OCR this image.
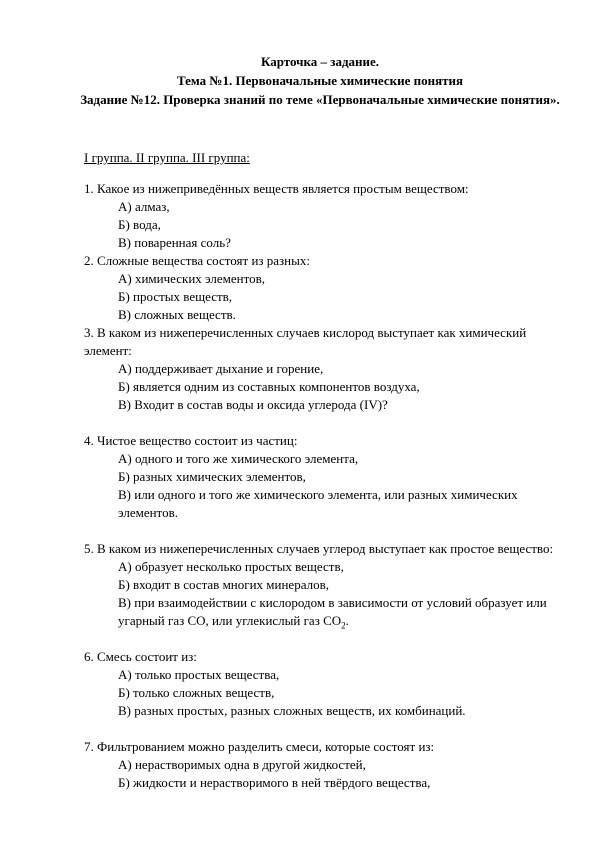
Карточка – задание.
Тема №1. Первоначальные химические понятия
Задание №12. Проверка знаний по теме «Первоначальные химические понятия».
I группа. II группа. III группа:

1. Какое из нижеприведённых веществ является простым веществом:

А) алмаз,

Б) вода,

В) поваренная соль?

2. Сложные вещества состоят из разных:

А) химических элементов,

Б) простых веществ,

В) сложных веществ.

3. В каком из нижеперечисленных случаев кислород выступает как химический элемент:

А) поддерживает дыхание и горение,

Б) является одним из составных компонентов воздуха,

В) Входит в состав воды и оксида углерода (IV)?

4. Чистое вещество состоит из частиц:

А) одного и того же химического элемента,

Б) разных химических элементов,

В) или одного и того же химического элемента, или разных химических элементов.

5. В каком из нижеперечисленных случаев углерод выступает как простое вещество:

А) образует несколько простых веществ,

Б) входит в состав многих минералов,

В) при взаимодействии с кислородом в зависимости от условий образует или угарный газ СО, или углекислый газ $СО_2$.

6. Смесь состоит из:

А) только простых вещества,

Б) только сложных веществ,

В) разных простых, разных сложных веществ, их комбинаций.

7. Фильтрованием можно разделить смеси, которые состоят из:

А) нерастворимых одна в другой жидкостей,

Б) жидкости и нерастворимого в ней твёрдого вещества,
